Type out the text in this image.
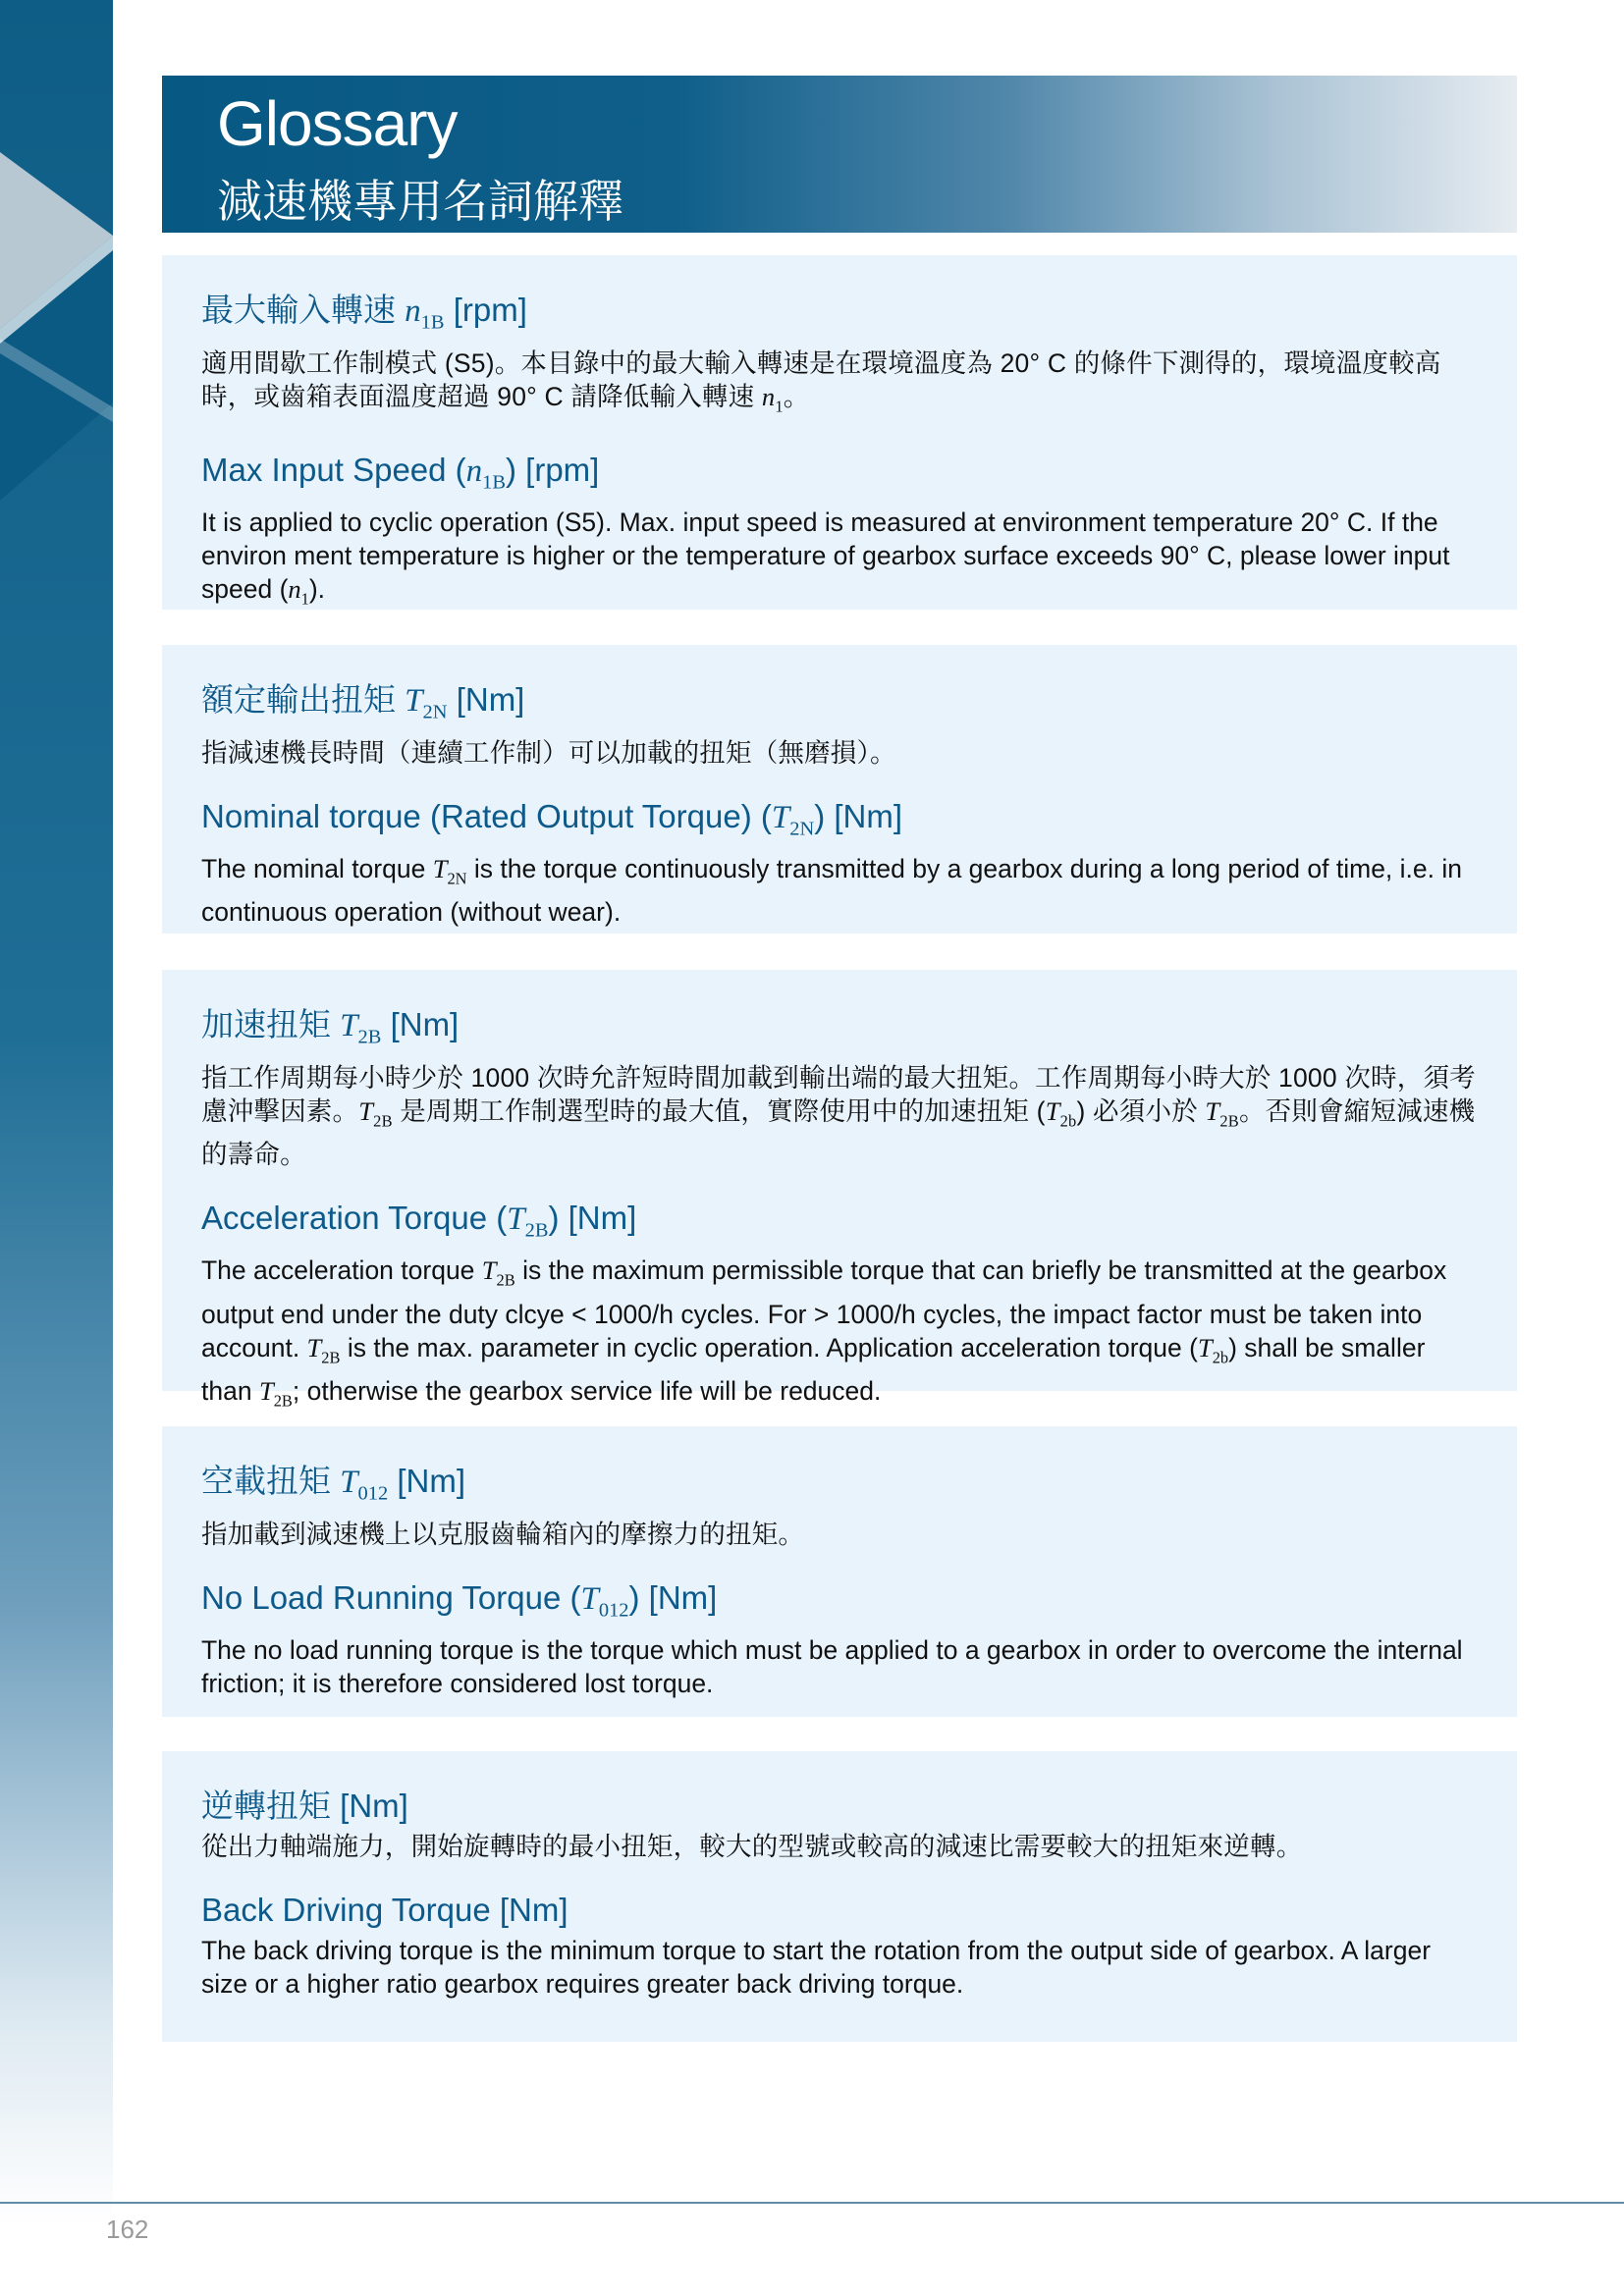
Glossary
減速機專用名詞解釋

最大輸入轉速 $n_{1B}$ [rpm]

適用間歇工作制模式 (S5)。本目錄中的最大輸入轉速是在環境溫度為 20° C 的條件下測得的，環境溫度較高時，或齒箱表面溫度超過 90° C 請降低輸入轉速 $n_1$。

Max Input Speed $(n_{1B})$ [rpm]

It is applied to cyclic operation (S5). Max. input speed is measured at environment temperature 20° C. If the environ ment temperature is higher or the temperature of gearbox surface exceeds 90° C, please lower input speed $(n_1)$.

額定輸出扭矩 $T_{2N}$ [Nm]

指減速機長時間（連續工作制）可以加載的扭矩（無磨損）。

Nominal torque (Rated Output Torque) $(T_{2N})$ [Nm]

The nominal torque $T_{2N}$ is the torque continuously transmitted by a gearbox during a long period of time, i.e. in continuous operation (without wear).

加速扭矩 $T_{2B}$ [Nm]

指工作周期每小時少於 1000 次時允許短時間加載到輸出端的最大扭矩。工作周期每小時大於 1000 次時，須考慮沖擊因素。$T_{2B}$ 是周期工作制選型時的最大值，實際使用中的加速扭矩 $(T_{2b})$ 必須小於 $T_{2B}$。否則會縮短減速機的壽命。

Acceleration Torque $(T_{2B})$ [Nm]

The acceleration torque $T_{2B}$ is the maximum permissible torque that can briefly be transmitted at the gearbox output end under the duty clcye < 1000/h cycles. For > 1000/h cycles, the impact factor must be taken into account. $T_{2B}$ is the max. parameter in cyclic operation. Application acceleration torque $(T_{2b})$ shall be smaller than $T_{2B}$; otherwise the gearbox service life will be reduced.

空載扭矩 $T_{012}$ [Nm]

指加載到減速機上以克服齒輪箱內的摩擦力的扭矩。

No Load Running Torque $(T_{012})$ [Nm]

The no load running torque is the torque which must be applied to a gearbox in order to overcome the internal friction; it is therefore considered lost torque.

逆轉扭矩 [Nm]

從出力軸端施力，開始旋轉時的最小扭矩，較大的型號或較高的減速比需要較大的扭矩來逆轉。

Back Driving Torque [Nm]

The back driving torque is the minimum torque to start the rotation from the output side of gearbox. A larger size or a higher ratio gearbox requires greater back driving torque.

162
